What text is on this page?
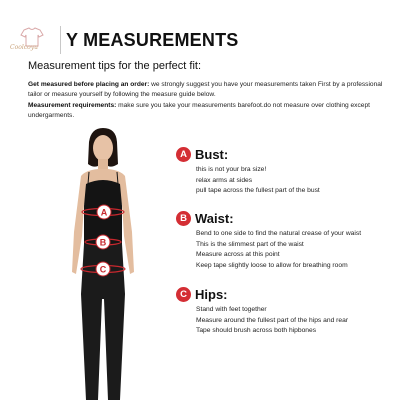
Coolcoyu Y MEASUREMENTS
Measurement tips for the perfect fit:
Get measured before placing an order: we strongly suggest you have your measurements taken First by a professional tailor or measure yourself by following the measure guide below.
Measurement requirements: make sure you take your measurements barefoot.do not measure over clothing except undergarments.
A
B
C
A Bust:
this is not your bra size!
relax arms at sides
pull tape across the fullest part of the bust
B Waist:
Bend to one side to find the natural crease of your waist
This is the slimmest part of the waist
Measure across at this point
Keep tape slightly loose to allow for breathing room
C Hips:
Stand with feet together
Measure around the fullest part of the hips and rear
Tape should brush across both hipbones
